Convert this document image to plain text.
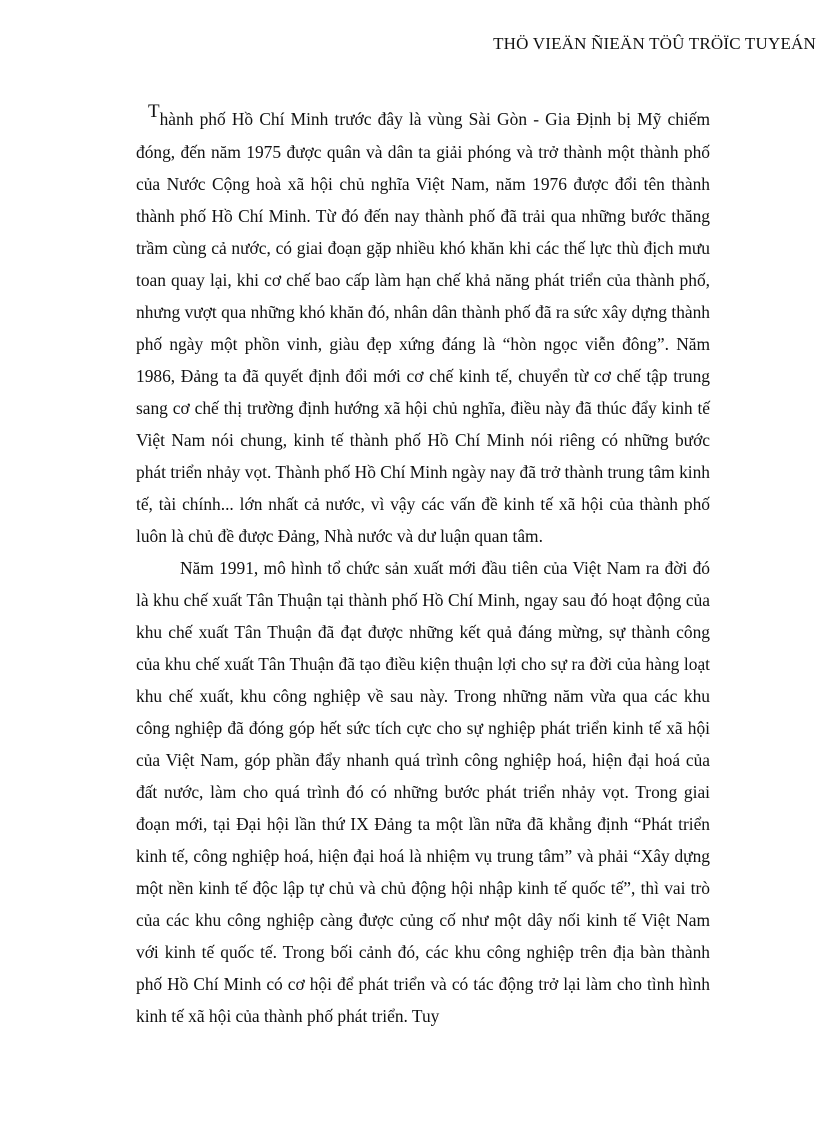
THÖ VIEÄN ÑIEÄN TÖÛ TRÖÏC TUYEÁN

Thành phố Hồ Chí Minh trước đây là vùng Sài Gòn - Gia Định bị Mỹ chiếm đóng, đến năm 1975 được quân và dân ta giải phóng và trở thành một thành phố của Nước Cộng hoà xã hội chủ nghĩa Việt Nam, năm 1976 được đổi tên thành thành phố Hồ Chí Minh. Từ đó đến nay thành phố đã trải qua những bước thăng trầm cùng cả nước, có giai đoạn gặp nhiều khó khăn khi các thế lực thù địch mưu toan quay lại, khi cơ chế bao cấp làm hạn chế khả năng phát triển của thành phố, nhưng vượt qua những khó khăn đó, nhân dân thành phố đã ra sức xây dựng thành phố ngày một phồn vinh, giàu đẹp xứng đáng là “hòn ngọc viễn đông”. Năm 1986, Đảng ta đã quyết định đổi mới cơ chế kinh tế, chuyển từ cơ chế tập trung sang cơ chế thị trường định hướng xã hội chủ nghĩa, điều này đã thúc đẩy kinh tế Việt Nam nói chung, kinh tế thành phố Hồ Chí Minh nói riêng có những bước phát triển nhảy vọt. Thành phố Hồ Chí Minh ngày nay đã trở thành trung tâm kinh tế, tài chính... lớn nhất cả nước, vì vậy các vấn đề kinh tế xã hội của thành phố luôn là chủ đề được Đảng, Nhà nước và dư luận quan tâm.

Năm 1991, mô hình tổ chức sản xuất mới đầu tiên của Việt Nam ra đời đó là khu chế xuất Tân Thuận tại thành phố Hồ Chí Minh, ngay sau đó hoạt động của khu chế xuất Tân Thuận đã đạt được những kết quả đáng mừng, sự thành công của khu chế xuất Tân Thuận đã tạo điều kiện thuận lợi cho sự ra đời của hàng loạt khu chế xuất, khu công nghiệp về sau này. Trong những năm vừa qua các khu công nghiệp đã đóng góp hết sức tích cực cho sự nghiệp phát triển kinh tế xã hội của Việt Nam, góp phần đẩy nhanh quá trình công nghiệp hoá, hiện đại hoá của đất nước, làm cho quá trình đó có những bước phát triển nhảy vọt. Trong giai đoạn mới, tại Đại hội lần thứ IX Đảng ta một lần nữa đã khẳng định “Phát triển kinh tế, công nghiệp hoá, hiện đại hoá là nhiệm vụ trung tâm” và phải “Xây dựng một nền kinh tế độc lập tự chủ và chủ động hội nhập kinh tế quốc tế”, thì vai trò của các khu công nghiệp càng được củng cố như một dây nối kinh tế Việt Nam với kinh tế quốc tế. Trong bối cảnh đó, các khu công nghiệp trên địa bàn thành phố Hồ Chí Minh có cơ hội để phát triển và có tác động trở lại làm cho tình hình kinh tế xã hội của thành phố phát triển. Tuy
